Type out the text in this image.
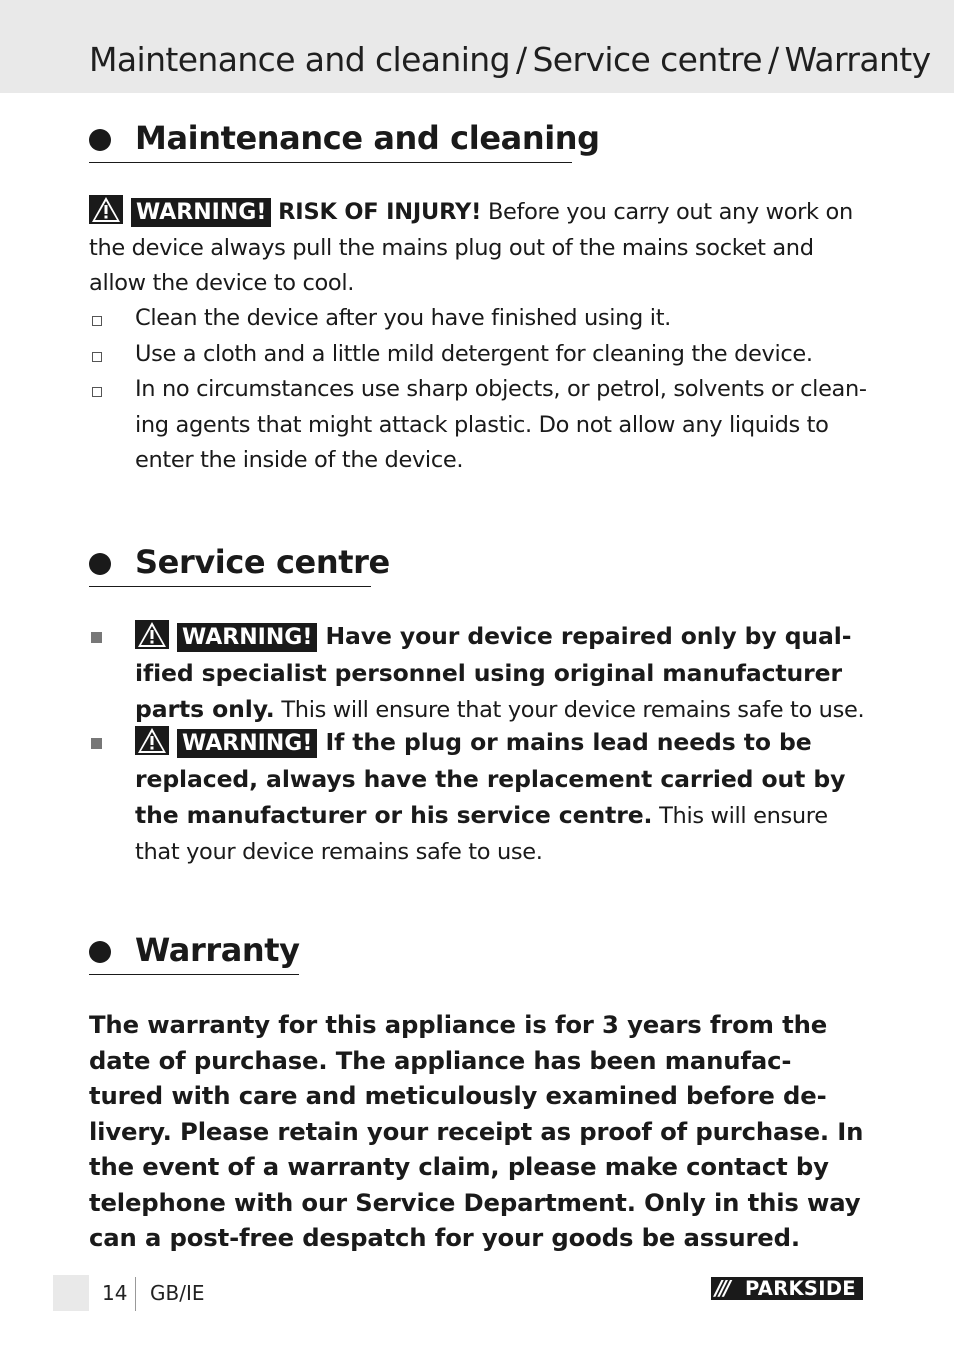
Maintenance and cleaning / Service centre / Warranty
Maintenance and cleaning
WARNING! RISK OF INJURY! Before you carry out any work on the device always pull the mains plug out of the mains socket and allow the device to cool.
Clean the device after you have finished using it.
Use a cloth and a little mild detergent for cleaning the device.
In no circumstances use sharp objects, or petrol, solvents or clean-ing agents that might attack plastic. Do not allow any liquids to enter the inside of the device.
Service centre
WARNING! Have your device repaired only by qual-ified specialist personnel using original manufacturer parts only. This will ensure that your device remains safe to use.
WARNING! If the plug or mains lead needs to be replaced, always have the replacement carried out by the manufacturer or his service centre. This will ensure that your device remains safe to use.
Warranty
The warranty for this appliance is for 3 years from the date of purchase. The appliance has been manufac-tured with care and meticulously examined before de-livery. Please retain your receipt as proof of purchase. In the event of a warranty claim, please make contact by telephone with our Service Department. Only in this way can a post-free despatch for your goods be assured.
14 GB/IE	/// PARKSIDE
